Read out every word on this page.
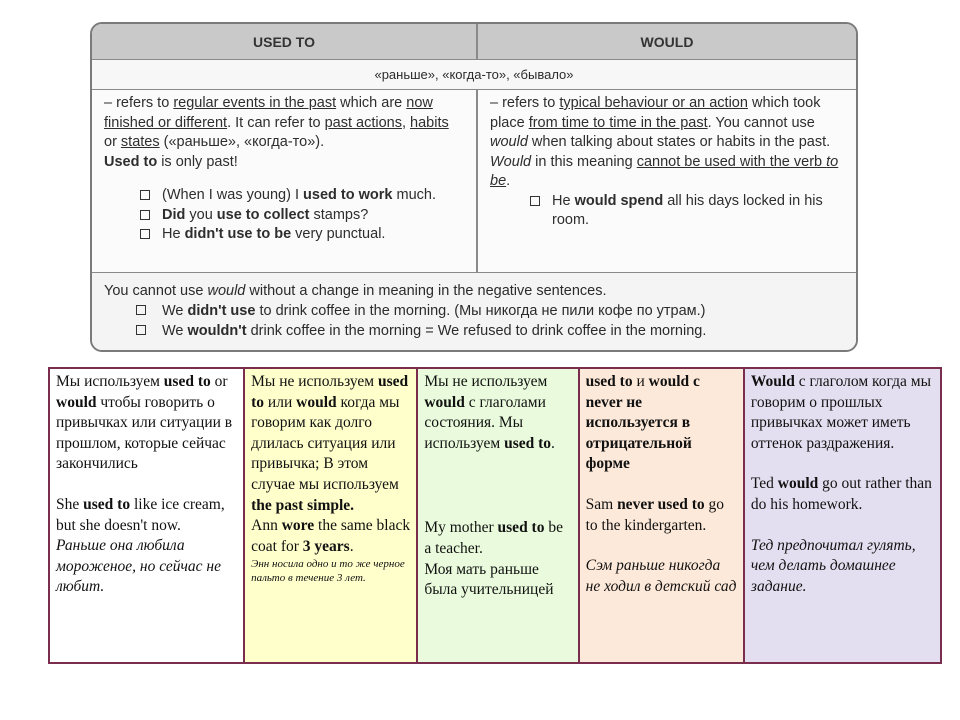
USED TO	WOULD
«раньше», «когда-то», «бывало»
– refers to regular events in the past which are now finished or different. It can refer to past actions, habits or states («раньше», «когда-то»).
Used to is only past!
(When I was young) I used to work much.
Did you use to collect stamps?
He didn't use to be very punctual.
– refers to typical behaviour or an action which took place from time to time in the past. You cannot use would when talking about states or habits in the past. Would in this meaning cannot be used with the verb to be.
He would spend all his days locked in his room.
You cannot use would without a change in meaning in the negative sentences.
We didn't use to drink coffee in the morning. (Мы никогда не пили кофе по утрам.)
We wouldn't drink coffee in the morning = We refused to drink coffee in the morning.
Мы используем used to or would чтобы говорить о привычках или ситуации в прошлом, которые сейчас закончились
She used to like ice cream, but she doesn't now.
Раньше она любила мороженое, но сейчас не любит.
Мы не используем used to или would когда мы говорим как долго длилась ситуация или привычка; В этом случае мы используем the past simple.
Ann wore the same black coat for 3 years.
Энн носила одно и то же черное пальто в течение 3 лет.
Мы не используем would с глаголами состояния. Мы используем used to.
My mother used to be a teacher.
Моя мать раньше была учительницей
used to и would с never не используется в отрицательной форме
Sam never used to go to the kindergarten.
Сэм раньше никогда не ходил в детский сад
Would с глаголом когда мы говорим о прошлых привычках может иметь оттенок раздражения.
Ted would go out rather than do his homework.
Тед предпочитал гулять, чем делать домашнее задание.
